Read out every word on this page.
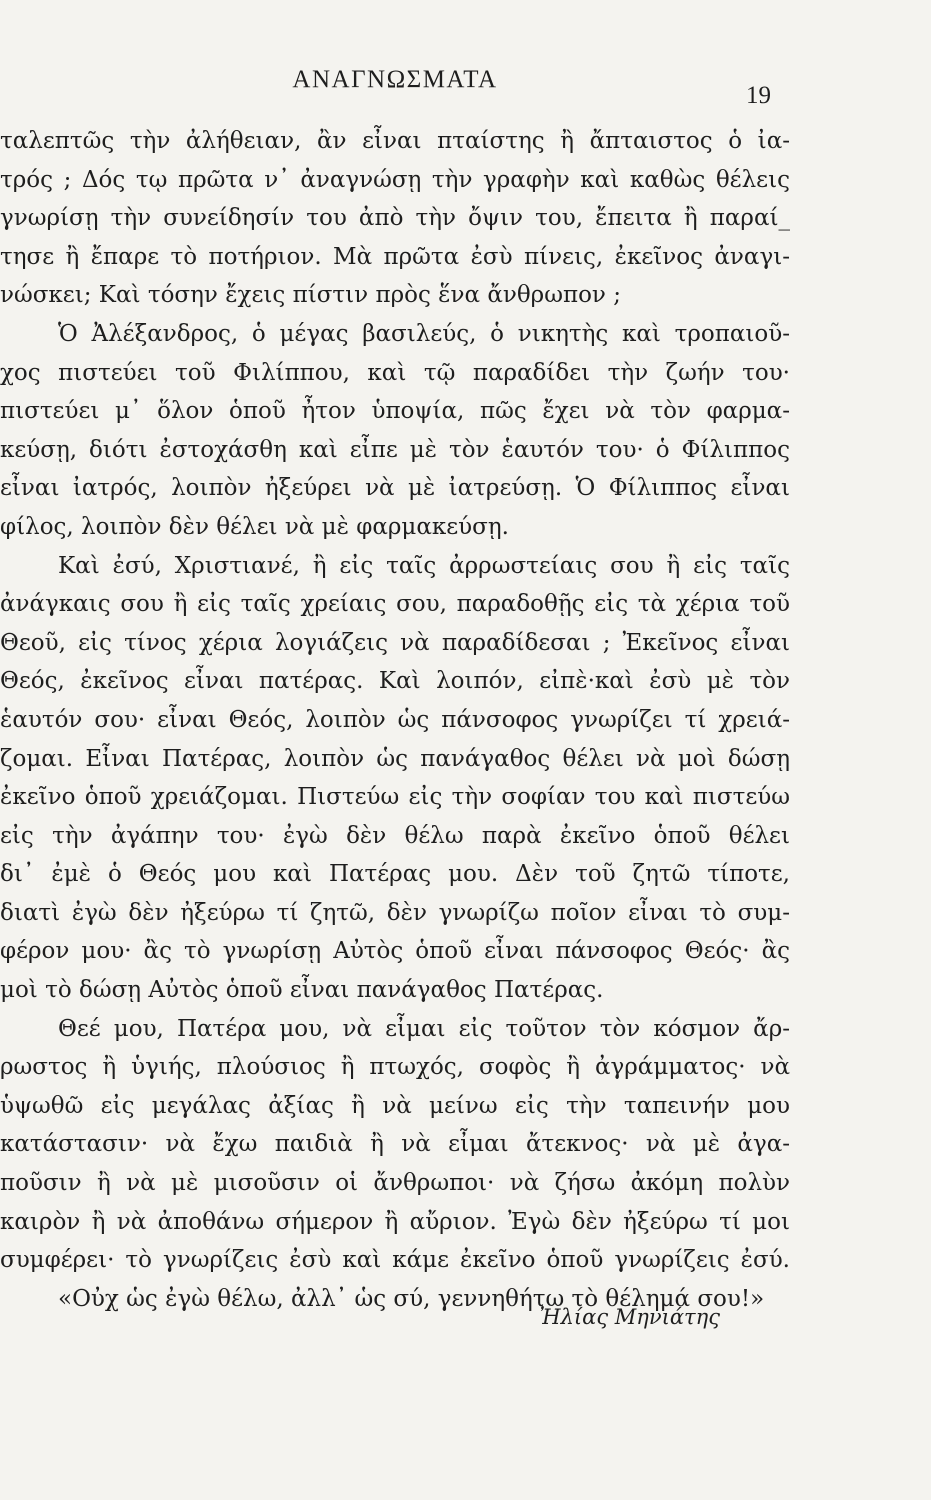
ΑΝΑΓΝΩΣΜΑΤΑ
19
ταλεπτῶς τὴν ἀλήθειαν, ἂν εἶναι πταίστης ἢ ἄπταιστος ὁ ἰα-
τρός ; Δός τῳ πρῶτα ν᾽ ἀναγνώσῃ τὴν γραφὴν καὶ καθὼς θέλεις
γνωρίσῃ τὴν συνείδησίν του ἀπὸ τὴν ὄψιν του, ἔπειτα ἢ παραί_
τησε ἢ ἔπαρε τὸ ποτήριον. Μὰ πρῶτα ἐσὺ πίνεις, ἐκεῖνος ἀναγι-
νώσκει; Καὶ τόσην ἔχεις πίστιν πρὸς ἕνα ἄνθρωπον ;
Ὁ Ἀλέξανδρος, ὁ μέγας βασιλεύς, ὁ νικητὴς καὶ τροπαιοῦ-
χος πιστεύει τοῦ Φιλίππου, καὶ τῷ παραδίδει τὴν ζωήν του·
πιστεύει μ᾽ ὅλον ὁποῦ ἦτον ὑποψία, πῶς ἔχει νὰ τὸν φαρμα-
κεύσῃ, διότι ἐστοχάσθη καὶ εἶπε μὲ τὸν ἑαυτόν του· ὁ Φίλιππος
εἶναι ἰατρός, λοιπὸν ἠξεύρει νὰ μὲ ἰατρεύσῃ. Ὁ Φίλιππος εἶναι
φίλος, λοιπὸν δὲν θέλει νὰ μὲ φαρμακεύσῃ.
Καὶ ἐσύ, Χριστιανέ, ἢ εἰς ταῖς ἀρρωστείαις σου ἢ εἰς ταῖς
ἀνάγκαις σου ἢ εἰς ταῖς χρείαις σου, παραδοθῇς εἰς τὰ χέρια τοῦ
Θεοῦ, εἰς τίνος χέρια λογιάζεις νὰ παραδίδεσαι ; Ἐκεῖνος εἶναι
Θεός, ἐκεῖνος εἶναι πατέρας. Καὶ λοιπόν, εἰπὲ·καὶ ἐσὺ μὲ τὸν
ἑαυτόν σου· εἶναι Θεός, λοιπὸν ὡς πάνσοφος γνωρίζει τί χρειά-
ζομαι. Εἶναι Πατέρας, λοιπὸν ὡς πανάγαθος θέλει νὰ μοὶ δώσῃ
ἐκεῖνο ὁποῦ χρειάζομαι. Πιστεύω εἰς τὴν σοφίαν του καὶ πιστεύω
εἰς τὴν ἀγάπην του· ἐγὼ δὲν θέλω παρὰ ἐκεῖνο ὁποῦ θέλει
δι᾽ ἐμὲ ὁ Θεός μου καὶ Πατέρας μου. Δὲν τοῦ ζητῶ τίποτε,
διατὶ ἐγὼ δὲν ἠξεύρω τί ζητῶ, δὲν γνωρίζω ποῖον εἶναι τὸ συμ-
φέρον μου· ἂς τὸ γνωρίσῃ Αὐτὸς ὁποῦ εἶναι πάνσοφος Θεός· ἂς
μοὶ τὸ δώσῃ Αὐτὸς ὁποῦ εἶναι πανάγαθος Πατέρας.
Θεέ μου, Πατέρα μου, νὰ εἶμαι εἰς τοῦτον τὸν κόσμον ἄρ-
ρωστος ἢ ὑγιής, πλούσιος ἢ πτωχός, σοφὸς ἢ ἀγράμματος· νὰ
ὑψωθῶ εἰς μεγάλας ἀξίας ἢ νὰ μείνω εἰς τὴν ταπεινήν μου
κατάστασιν· νὰ ἔχω παιδιὰ ἢ νὰ εἶμαι ἄτεκνος· νὰ μὲ ἀγα-
ποῦσιν ἢ νὰ μὲ μισοῦσιν οἱ ἄνθρωποι· νὰ ζήσω ἀκόμη πολὺν
καιρὸν ἢ νὰ ἀποθάνω σήμερον ἢ αὔριον. Ἐγὼ δὲν ἠξεύρω τί μοι
συμφέρει· τὸ γνωρίζεις ἐσὺ καὶ κάμε ἐκεῖνο ὁποῦ γνωρίζεις ἐσύ.
«Οὐχ ὡς ἐγὼ θέλω, ἀλλ᾽ ὡς σύ, γεννηθήτω τὸ θέλημά σου!»
Ἠλίας Μηνιάτης
